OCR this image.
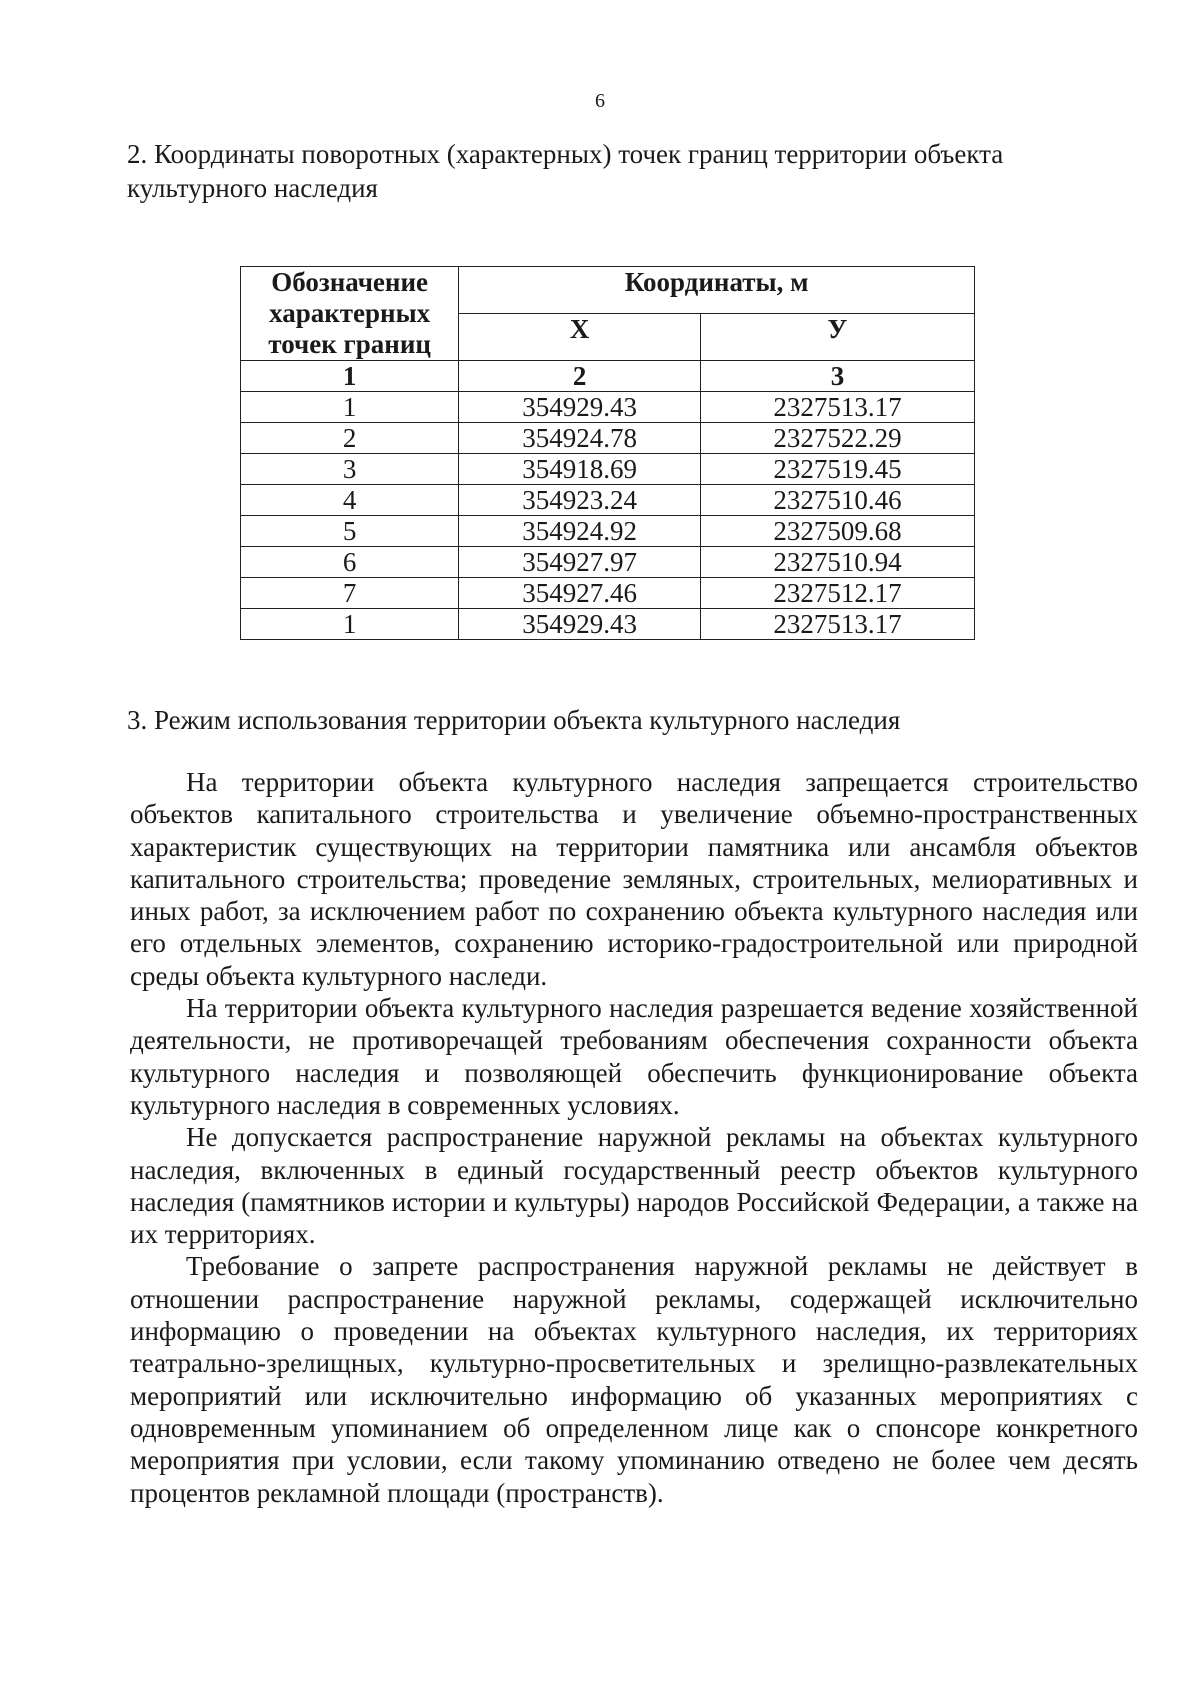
6
2. Координаты поворотных (характерных) точек границ территории объекта культурного наследия
Обозначение характерных точек границ	Координаты, м	
	X	У
1	2	3
1	354929.43	2327513.17
2	354924.78	2327522.29
3	354918.69	2327519.45
4	354923.24	2327510.46
5	354924.92	2327509.68
6	354927.97	2327510.94
7	354927.46	2327512.17
1	354929.43	2327513.17
3. Режим использования территории объекта культурного наследия

На территории объекта культурного наследия запрещается строительство объектов капитального строительства и увеличение объемно-пространственных характеристик существующих на территории памятника или ансамбля объектов капитального строительства; проведение земляных, строительных, мелиоративных и иных работ, за исключением работ по сохранению объекта культурного наследия или его отдельных элементов, сохранению историко-градостроительной или природной среды объекта культурного наследи.

На территории объекта культурного наследия разрешается ведение хозяйственной деятельности, не противоречащей требованиям обеспечения сохранности объекта культурного наследия и позволяющей обеспечить функционирование объекта культурного наследия в современных условиях.

Не допускается распространение наружной рекламы на объектах культурного наследия, включенных в единый государственный реестр объектов культурного наследия (памятников истории и культуры) народов Российской Федерации, а также на их территориях.

Требование о запрете распространения наружной рекламы не действует в отношении распространение наружной рекламы, содержащей исключительно информацию о проведении на объектах культурного наследия, их территориях театрально-зрелищных, культурно-просветительных и зрелищно-развлекательных мероприятий или исключительно информацию об указанных мероприятиях с одновременным упоминанием об определенном лице как о спонсоре конкретного мероприятия при условии, если такому упоминанию отведено не более чем десять процентов рекламной площади (пространств).
